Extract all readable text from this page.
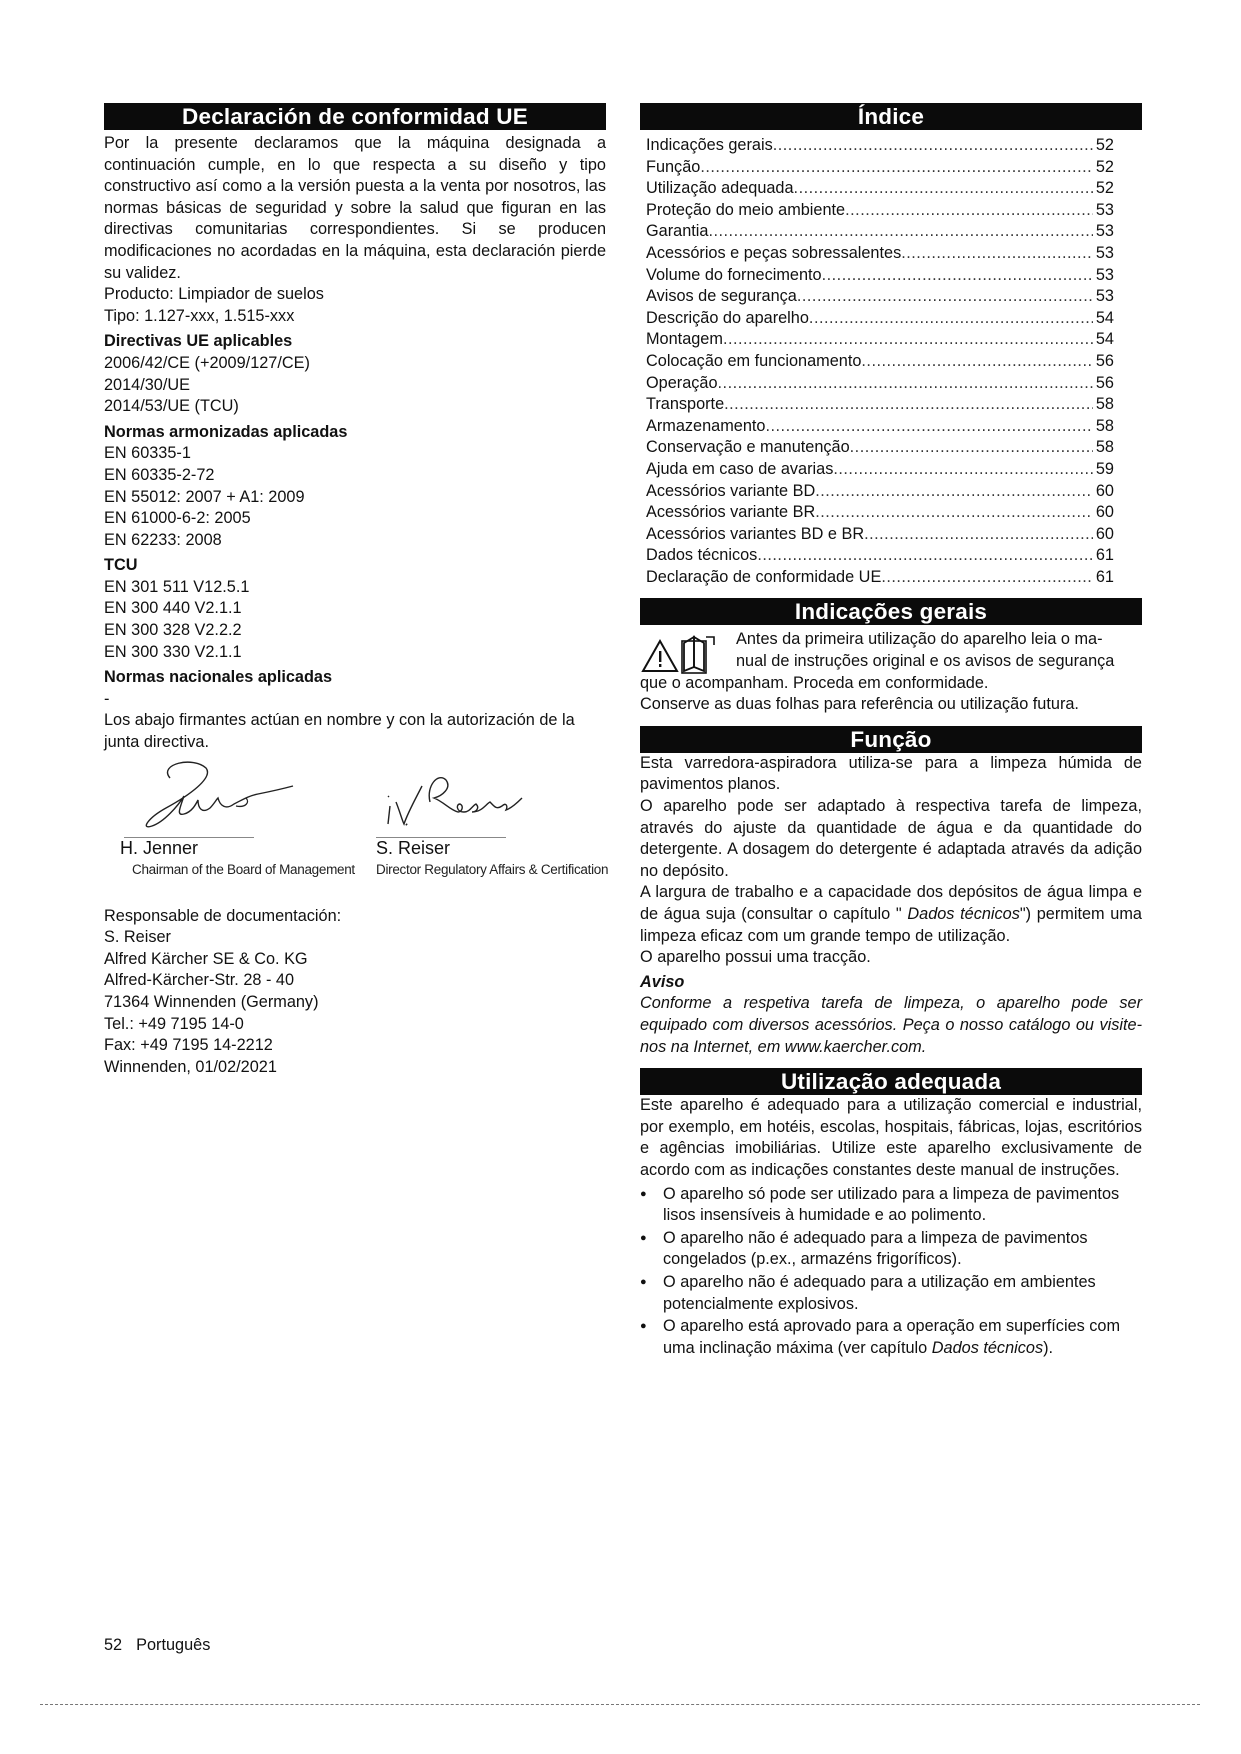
Declaración de conformidad UE

Por la presente declaramos que la máquina designada a continuación cumple, en lo que respecta a su diseño y tipo constructivo así como a la versión puesta a la venta por nosotros, las normas básicas de seguridad y sobre la salud que figuran en las directivas comunitarias correspondientes. Si se producen modificaciones no acordadas en la máquina, esta declaración pierde su validez.

Producto: Limpiador de suelos

Tipo: 1.127-xxx, 1.515-xxx

Directivas UE aplicables

2006/42/CE (+2009/127/CE)

2014/30/UE

2014/53/UE (TCU)

Normas armonizadas aplicadas

EN 60335-1

EN 60335-2-72

EN 55012: 2007 + A1: 2009

EN 61000-6-2: 2005

EN 62233: 2008

TCU

EN 301 511 V12.5.1

EN 300 440 V2.1.1

EN 300 328 V2.2.2

EN 300 330 V2.1.1

Normas nacionales aplicadas

-

Los abajo firmantes actúan en nombre y con la autorización de la junta directiva.

H. Jenner
Chairman of the Board of Management
S. Reiser
Director Regulatory Affairs & Certification

Responsable de documentación:

S. Reiser

Alfred Kärcher SE & Co. KG

Alfred-Kärcher-Str. 28 - 40

71364 Winnenden (Germany)

Tel.: +49 7195 14-0

Fax: +49 7195 14-2212

Winnenden, 01/02/2021

Índice
Indicações gerais .....	52
Função .....	52
Utilização adequada .....	52
Proteção do meio ambiente .....	53
Garantia .....	53
Acessórios e peças sobressalentes .....	53
Volume do fornecimento .....	53
Avisos de segurança .....	53
Descrição do aparelho .....	54
Montagem .....	54
Colocação em funcionamento .....	56
Operação .....	56
Transporte .....	58
Armazenamento .....	58
Conservação e manutenção .....	58
Ajuda em caso de avarias .....	59
Acessórios variante BD .....	60
Acessórios variante BR .....	60
Acessórios variantes BD e BR .....	60
Dados técnicos .....	61
Declaração de conformidade UE .....	61
Indicações gerais

Antes da primeira utilização do aparelho leia o ma-

nual de instruções original e os avisos de segurança

que o acompanham. Proceda em conformidade.

Conserve as duas folhas para referência ou utilização futura.

Função

Esta varredora-aspiradora utiliza-se para a limpeza húmida de pavimentos planos.

O aparelho pode ser adaptado à respectiva tarefa de limpeza, através do ajuste da quantidade de água e da quantidade do detergente. A dosagem do detergente é adaptada através da adição no depósito.

A largura de trabalho e a capacidade dos depósitos de água limpa e de água suja (consultar o capítulo " Dados técnicos") permitem uma limpeza eficaz com um grande tempo de utilização.

O aparelho possui uma tracção.

Aviso

Conforme a respetiva tarefa de limpeza, o aparelho pode ser equipado com diversos acessórios. Peça o nosso catálogo ou visite-nos na Internet, em www.kaercher.com.

Utilização adequada

Este aparelho é adequado para a utilização comercial e industrial, por exemplo, em hotéis, escolas, hospitais, fábricas, lojas, escritórios e agências imobiliárias. Utilize este aparelho exclusivamente de acordo com as indicações constantes deste manual de instruções.

● O aparelho só pode ser utilizado para a limpeza de pavimentos lisos insensíveis à humidade e ao polimento.
● O aparelho não é adequado para a limpeza de pavimentos congelados (p.ex., armazéns frigoríficos).
● O aparelho não é adequado para a utilização em ambientes potencialmente explosivos.
● O aparelho está aprovado para a operação em superfícies com uma inclinação máxima (ver capítulo Dados técnicos).
52 Português
